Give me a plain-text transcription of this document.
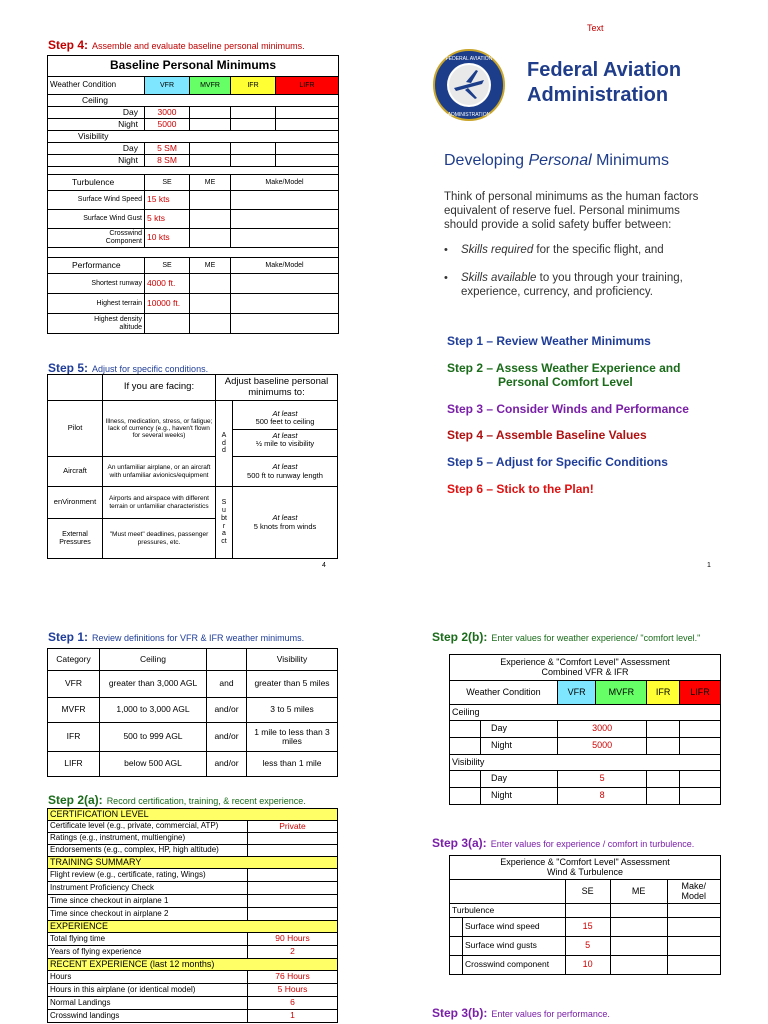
Text
Step 4: Assemble and evaluate baseline personal minimums.
Baseline Personal Minimums				
Weather Condition	VFR	MVFR	IFR	LIFR
Ceiling				
Day	3000			
Night	5000			
Visibility				
Day	5 SM			
Night	8 SM			

Turbulence	SE	ME	Make/Model	
Surface Wind Speed	15 kts			
Surface Wind Gust	5 kts			
Crosswind Component	10 kts			

Performance	SE	ME	Make/Model	
Shortest runway	4000 ft.			
Highest terrain	10000 ft.			
Highest density altitude				
Step 5: Adjust for specific conditions.
	If you are facing:	Adjust baseline personal minimums to:	
Pilot	Illness, medication, stress, or fatigue; lack of currency (e.g., haven't flown for several weeks)	Add	At least
500 feet to ceiling
At least
½ mile to visibility

Aircraft	An unfamiliar airplane, or an aircraft with unfamiliar avionics/equipment		At least
500 ft to runway length
enVironment	Airports and airspace with different terrain or unfamiliar characteristics	Subtract	At least
5 knots from winds
External Pressures	"Must meet" deadlines, passenger pressures, etc.		
4
FEDERAL AVIATION
ADMINISTRATION
Federal Aviation
Administration
Developing Personal Minimums
Think of personal minimums as the human factors equivalent of reserve fuel. Personal minimums should provide a solid safety buffer between:
• Skills required for the specific flight, and
• Skills available to you through your training, experience, currency, and proficiency.
Step 1 – Review Weather Minimums
Step 2 – Assess Weather Experience and
Personal Comfort Level
Step 3 – Consider Winds and Performance
Step 4 – Assemble Baseline Values
Step 5 – Adjust for Specific Conditions
Step 6 – Stick to the Plan!
1
Step 1: Review definitions for VFR & IFR weather minimums.
Category	Ceiling		Visibility
VFR	greater than 3,000 AGL	and	greater than 5 miles
MVFR	1,000 to 3,000 AGL	and/or	3 to 5 miles
IFR	500 to 999 AGL	and/or	1 mile to less than 3 miles
LIFR	below 500 AGL	and/or	less than 1 mile
Step 2(a): Record certification, training, & recent experience.
CERTIFICATION LEVEL	
Certificate level (e.g., private, commercial, ATP)	Private
Ratings (e.g., instrument, multiengine)	
Endorsements (e.g., complex, HP, high altitude)	
TRAINING SUMMARY	
Flight review (e.g., certificate, rating, Wings)	
Instrument Proficiency Check	
Time since checkout in airplane 1	
Time since checkout in airplane 2	
EXPERIENCE	
Total flying time	90 Hours
Years of flying experience	2
RECENT EXPERIENCE (last 12 months)	
Hours	76 Hours
Hours in this airplane (or identical model)	5 Hours
Normal Landings	6
Crosswind landings	1
Step 2(b): Enter values for weather experience/ "comfort level."
Experience & "Comfort Level" Assessment
Combined VFR & IFR					

Weather Condition		VFR	MVFR	IFR	LIFR
Ceiling					
	Day	3000			
	Night	5000			
Visibility					
	Day	5			
	Night	8			
Step 3(a): Enter values for experience / comfort in turbulence.
Experience & "Comfort Level" Assessment
Wind & Turbulence				

		SE	ME	Make/ Model
Turbulence				
	Surface wind speed	15		
	Surface wind gusts	5		
	Crosswind component	10		
Step 3(b): Enter values for performance.
